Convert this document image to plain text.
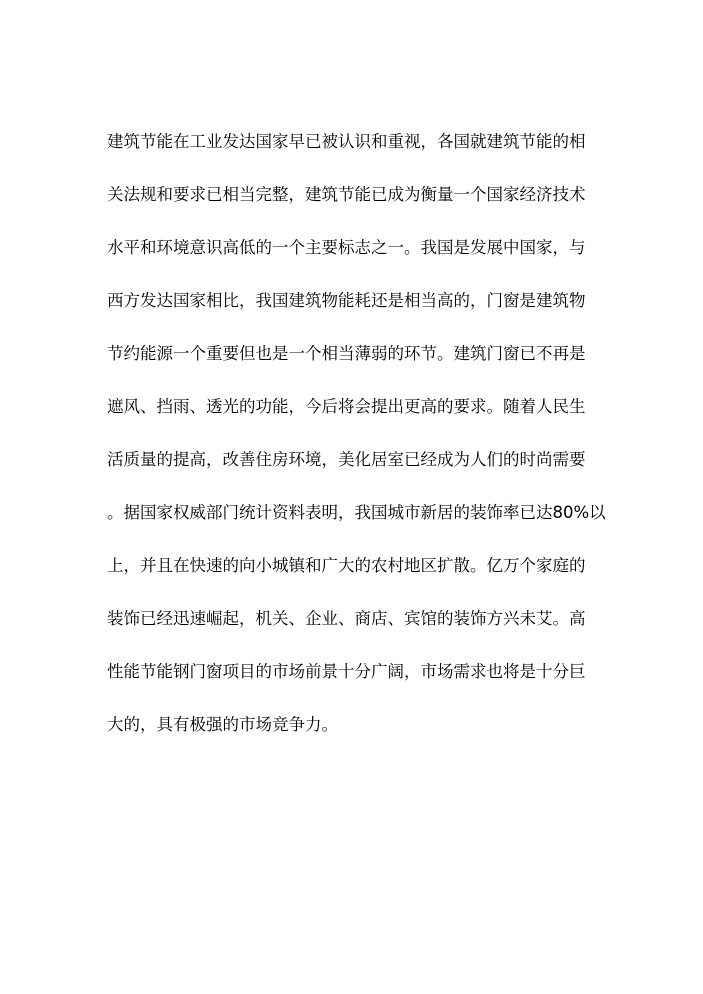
建筑节能在工业发达国家早已被认识和重视，各国就建筑节能的相
关法规和要求已相当完整，建筑节能已成为衡量一个国家经济技术
水平和环境意识高低的一个主要标志之一。我国是发展中国家，与
西方发达国家相比，我国建筑物能耗还是相当高的，门窗是建筑物
节约能源一个重要但也是一个相当薄弱的环节。建筑门窗已不再是
遮风、挡雨、透光的功能，今后将会提出更高的要求。随着人民生
活质量的提高，改善住房环境，美化居室已经成为人们的时尚需要
。据国家权威部门统计资料表明，我国城市新居的装饰率已达80%以
上，并且在快速的向小城镇和广大的农村地区扩散。亿万个家庭的
装饰已经迅速崛起，机关、企业、商店、宾馆的装饰方兴未艾。高
性能节能钢门窗项目的市场前景十分广阔，市场需求也将是十分巨
大的，具有极强的市场竞争力。
